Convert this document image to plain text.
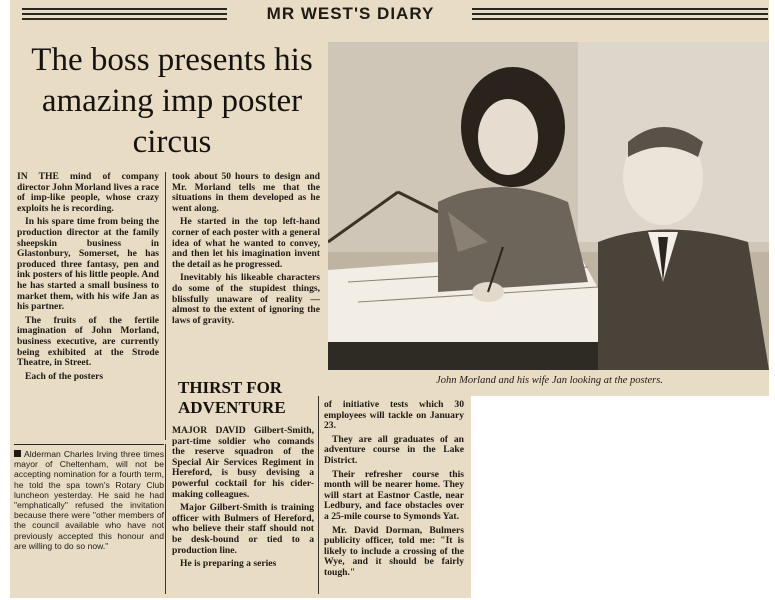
MR WEST'S DIARY
The boss presents his amazing imp poster circus

IN THE mind of company director John Morland lives a race of imp-like people, whose crazy exploits he is recording.

In his spare time from being the production director at the family sheepskin business in Glastonbury, Somerset, he has produced three fantasy, pen and ink posters of his little people. And he has started a small business to market them, with his wife Jan as his partner.

The fruits of the fertile imagination of John Morland, business executive, are currently being exhibited at the Strode Theatre, in Street.

Each of the posters

took about 50 hours to design and Mr. Morland tells me that the situations in them developed as he went along.

He started in the top left-hand corner of each poster with a general idea of what he wanted to convey, and then let his imagination invent the detail as he progressed.

Inevitably his likeable characters do some of the stupidest things, blissfully unaware of reality — almost to the extent of ignoring the laws of gravity.

Alderman Charles Irving three times mayor of Cheltenham, will not be accepting nomination for a fourth term, he told the spa town's Rotary Club luncheon yesterday. He said he had "emphatically" refused the invitation because there were "other members of the council available who have not previously accepted this honour and are willing to do so now."
THIRST FOR ADVENTURE

MAJOR DAVID Gilbert-Smith, part-time soldier who comands the reserve squadron of the Special Air Services Regiment in Hereford, is busy devising a powerful cocktail for his cider-making colleagues.

Major Gilbert-Smith is training officer with Bulmers of Hereford, who believe their staff should not be desk-bound or tied to a production line.

He is preparing a series

of initiative tests which 30 employees will tackle on January 23.

They are all graduates of an adventure course in the Lake District.

Their refresher course this month will be nearer home. They will start at Eastnor Castle, near Ledbury, and face obstacles over a 25-mile course to Symonds Yat.

Mr. David Dorman, Bulmers publicity officer, told me: "It is likely to include a crossing of the Wye, and it should be fairly tough."

John Morland and his wife Jan looking at the posters.
